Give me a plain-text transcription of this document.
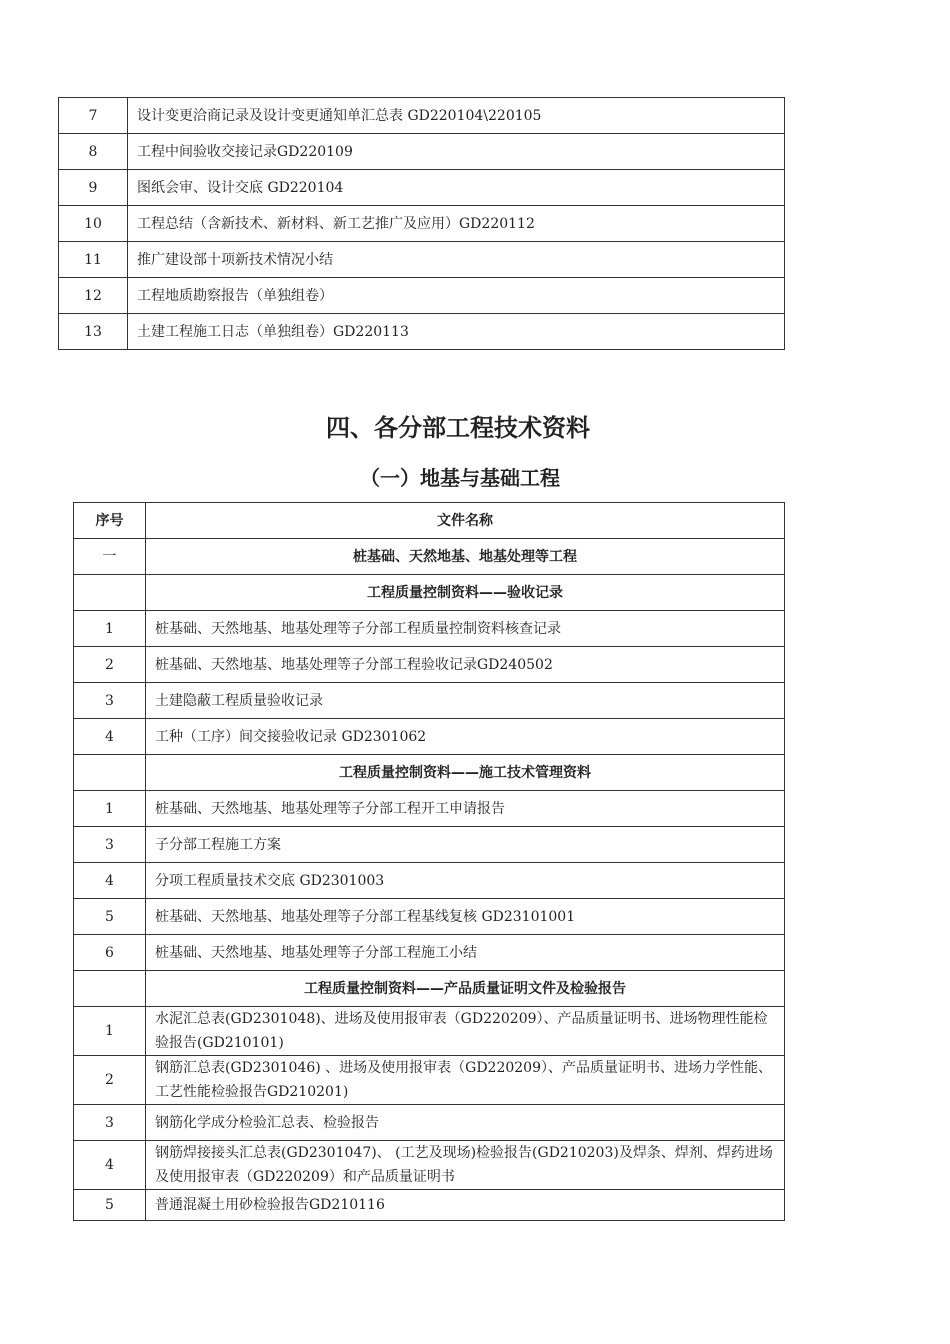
7	设计变更洽商记录及设计变更通知单汇总表 GD220104\220105
8	工程中间验收交接记录GD220109
9	图纸会审、设计交底 GD220104
10	工程总结（含新技术、新材料、新工艺推广及应用）GD220112
11	推广建设部十项新技术情况小结
12	工程地质勘察报告（单独组卷）
13	土建工程施工日志（单独组卷）GD220113
四、各分部工程技术资料
（一）地基与基础工程
序号	文件名称
一	桩基础、天然地基、地基处理等工程
	工程质量控制资料——验收记录
1	桩基础、天然地基、地基处理等子分部工程质量控制资料核查记录
2	桩基础、天然地基、地基处理等子分部工程验收记录GD240502
3	土建隐蔽工程质量验收记录
4	工种（工序）间交接验收记录 GD2301062
	工程质量控制资料——施工技术管理资料
1	桩基础、天然地基、地基处理等子分部工程开工申请报告
3	子分部工程施工方案
4	分项工程质量技术交底 GD2301003
5	桩基础、天然地基、地基处理等子分部工程基线复核 GD23101001
6	桩基础、天然地基、地基处理等子分部工程施工小结
	工程质量控制资料——产品质量证明文件及检验报告
1	水泥汇总表(GD2301048)、进场及使用报审表（GD220209）、产品质量证明书、进场物理性能检验报告(GD210101)
2	钢筋汇总表(GD2301046) 、进场及使用报审表（GD220209）、产品质量证明书、进场力学性能、工艺性能检验报告GD210201)
3	钢筋化学成分检验汇总表、检验报告
4	钢筋焊接接头汇总表(GD2301047)、 (工艺及现场)检验报告(GD210203)及焊条、焊剂、焊药进场及使用报审表（GD220209）和产品质量证明书
5	普通混凝土用砂检验报告GD210116
